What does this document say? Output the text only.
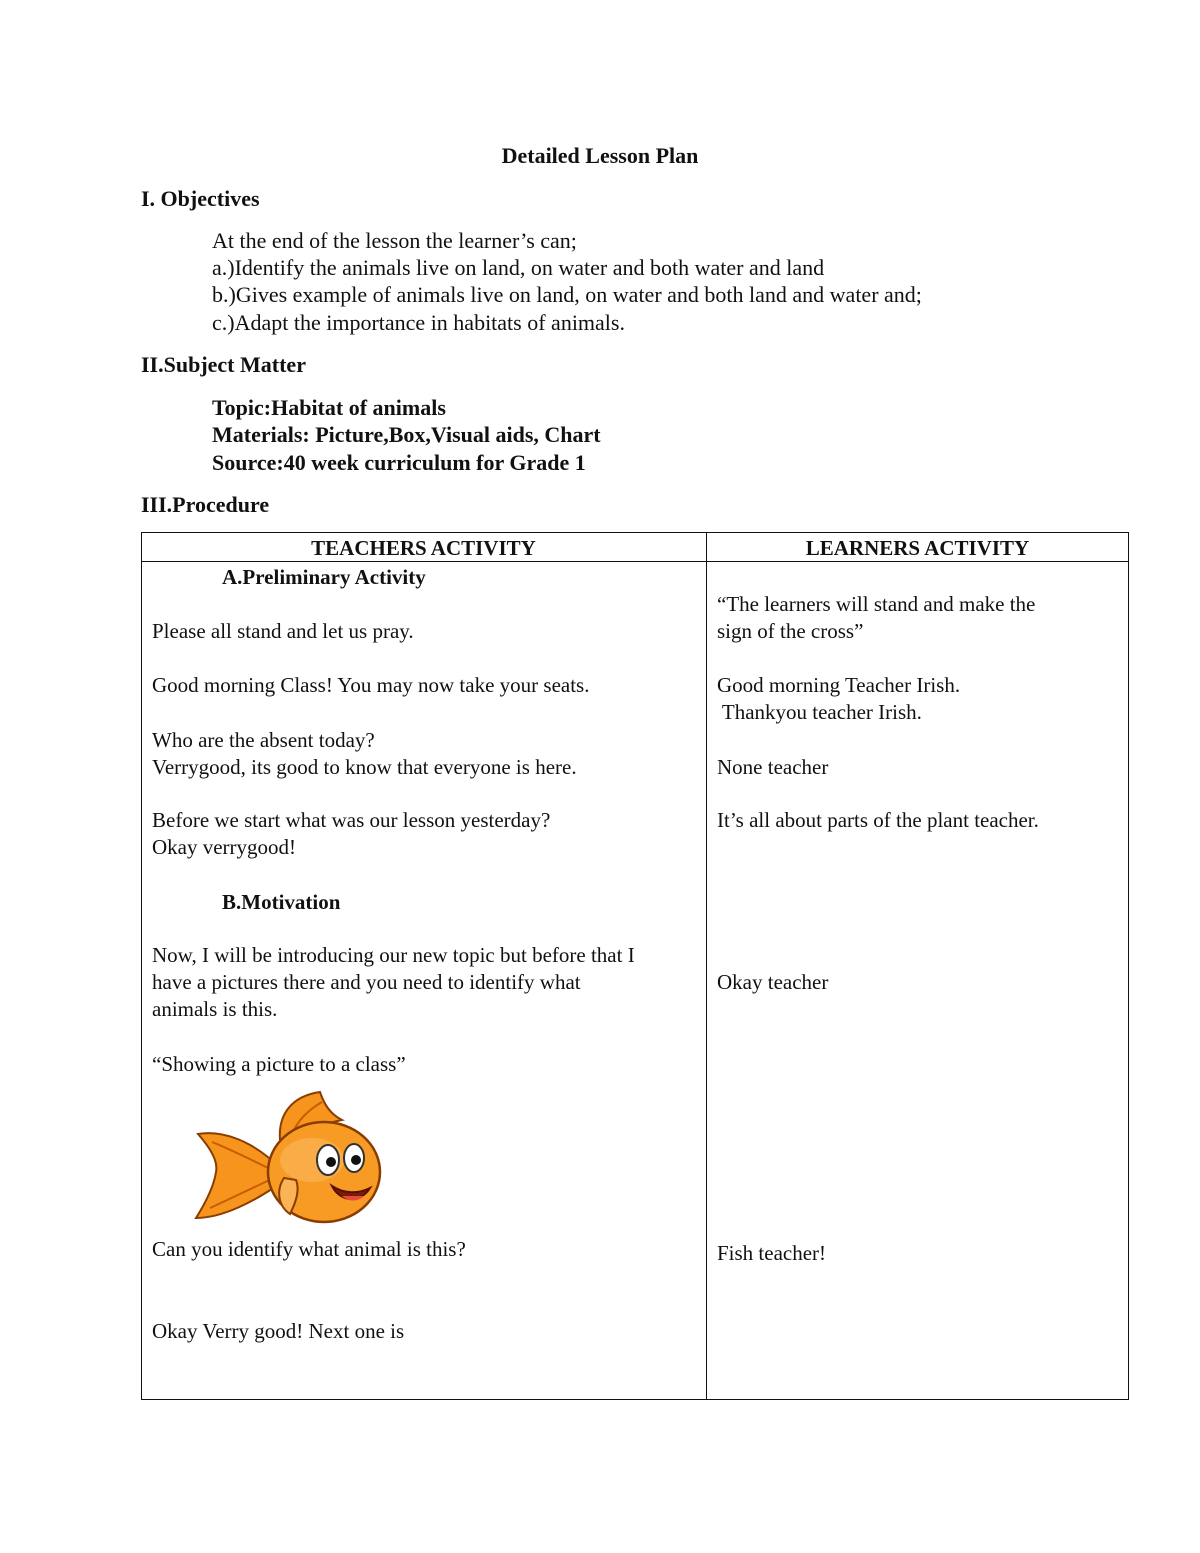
Detailed Lesson Plan
I. Objectives
At the end of the lesson the learner’s can;
a.)Identify the animals live on land, on water and both water and land
b.)Gives example of animals live on land, on water and both land and water and;
c.)Adapt the importance in habitats of animals.
II.Subject Matter
Topic:Habitat of animals
Materials: Picture,Box,Visual aids, Chart
Source:40 week curriculum for Grade 1
III.Procedure
TEACHERS ACTIVITY	LEARNERS ACTIVITY
A.Preliminary Activity
Please all stand and let us pray.
Good morning Class! You may now take your seats.
Who are the absent today?
Verrygood, its good to know that everyone is here.
Before we start what was our lesson yesterday?
Okay verrygood!
B.Motivation
Now, I will be introducing our new topic but before that I
have a pictures there and you need to identify what
animals is this.
“Showing a picture to a class”
Can you identify what animal is this?
Okay Verry good! Next one is
“The learners will stand and make the
sign of the cross”
Good morning Teacher Irish.
Thankyou teacher Irish.
None teacher
It’s all about parts of the plant teacher.
Okay teacher
Fish teacher!
